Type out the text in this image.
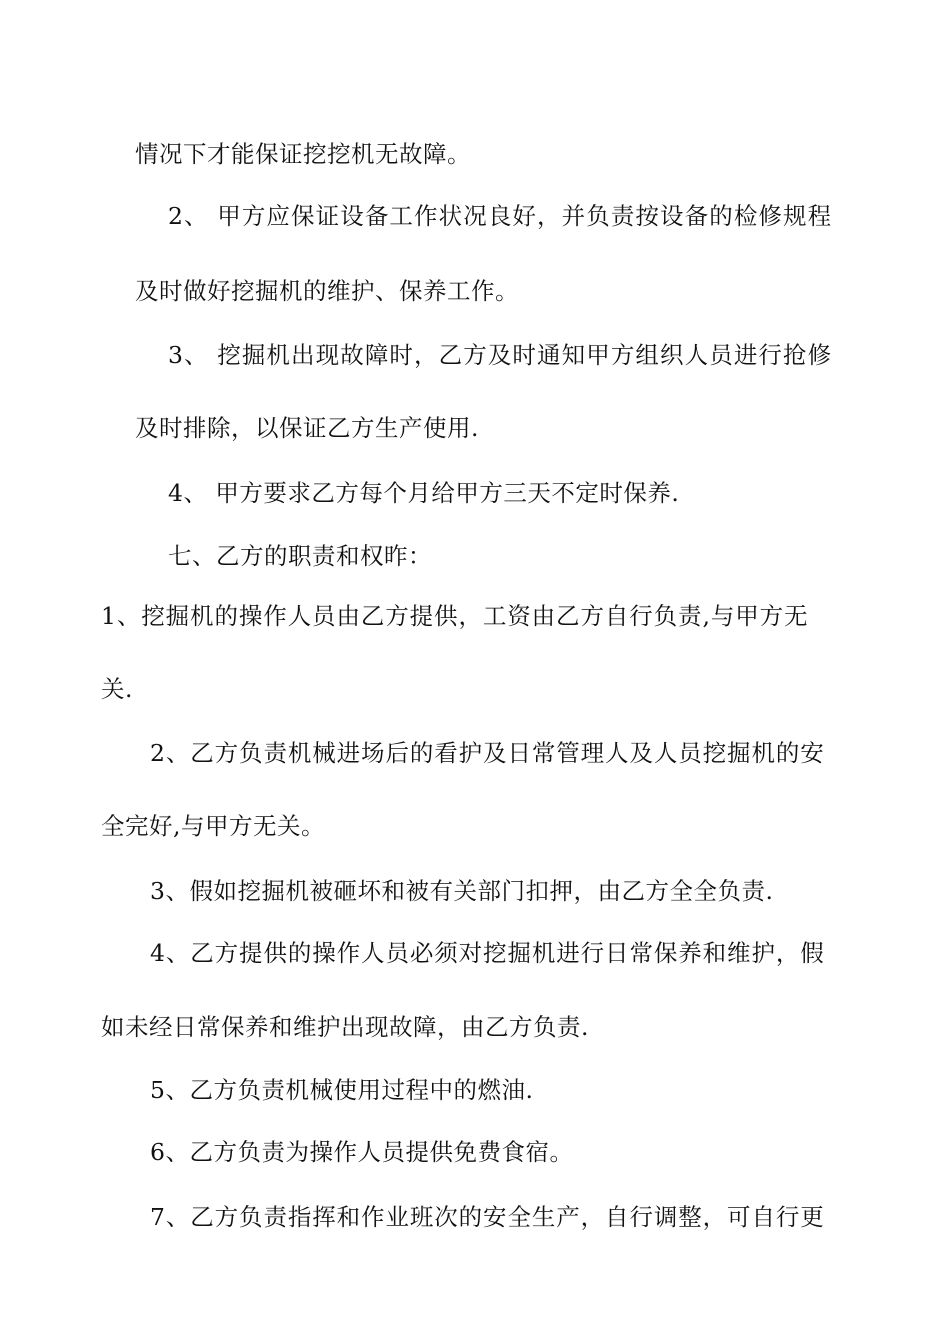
情况下才能保证挖挖机无故障。

2、 甲方应保证设备工作状况良好，并负责按设备的检修规程

及时做好挖掘机的维护、保养工作。

3、 挖掘机出现故障时，乙方及时通知甲方组织人员进行抢修

及时排除，以保证乙方生产使用.

4、 甲方要求乙方每个月给甲方三天不定时保养.

七、乙方的职责和权昨：

1、挖掘机的操作人员由乙方提供，工资由乙方自行负责,与甲方无

关.

2、乙方负责机械进场后的看护及日常管理人及人员挖掘机的安

全完好,与甲方无关。

3、假如挖掘机被砸坏和被有关部门扣押，由乙方全全负责.

4、乙方提供的操作人员必须对挖掘机进行日常保养和维护，假

如未经日常保养和维护出现故障，由乙方负责.

5、乙方负责机械使用过程中的燃油.

6、乙方负责为操作人员提供免费食宿。

7、乙方负责指挥和作业班次的安全生产，自行调整，可自行更
